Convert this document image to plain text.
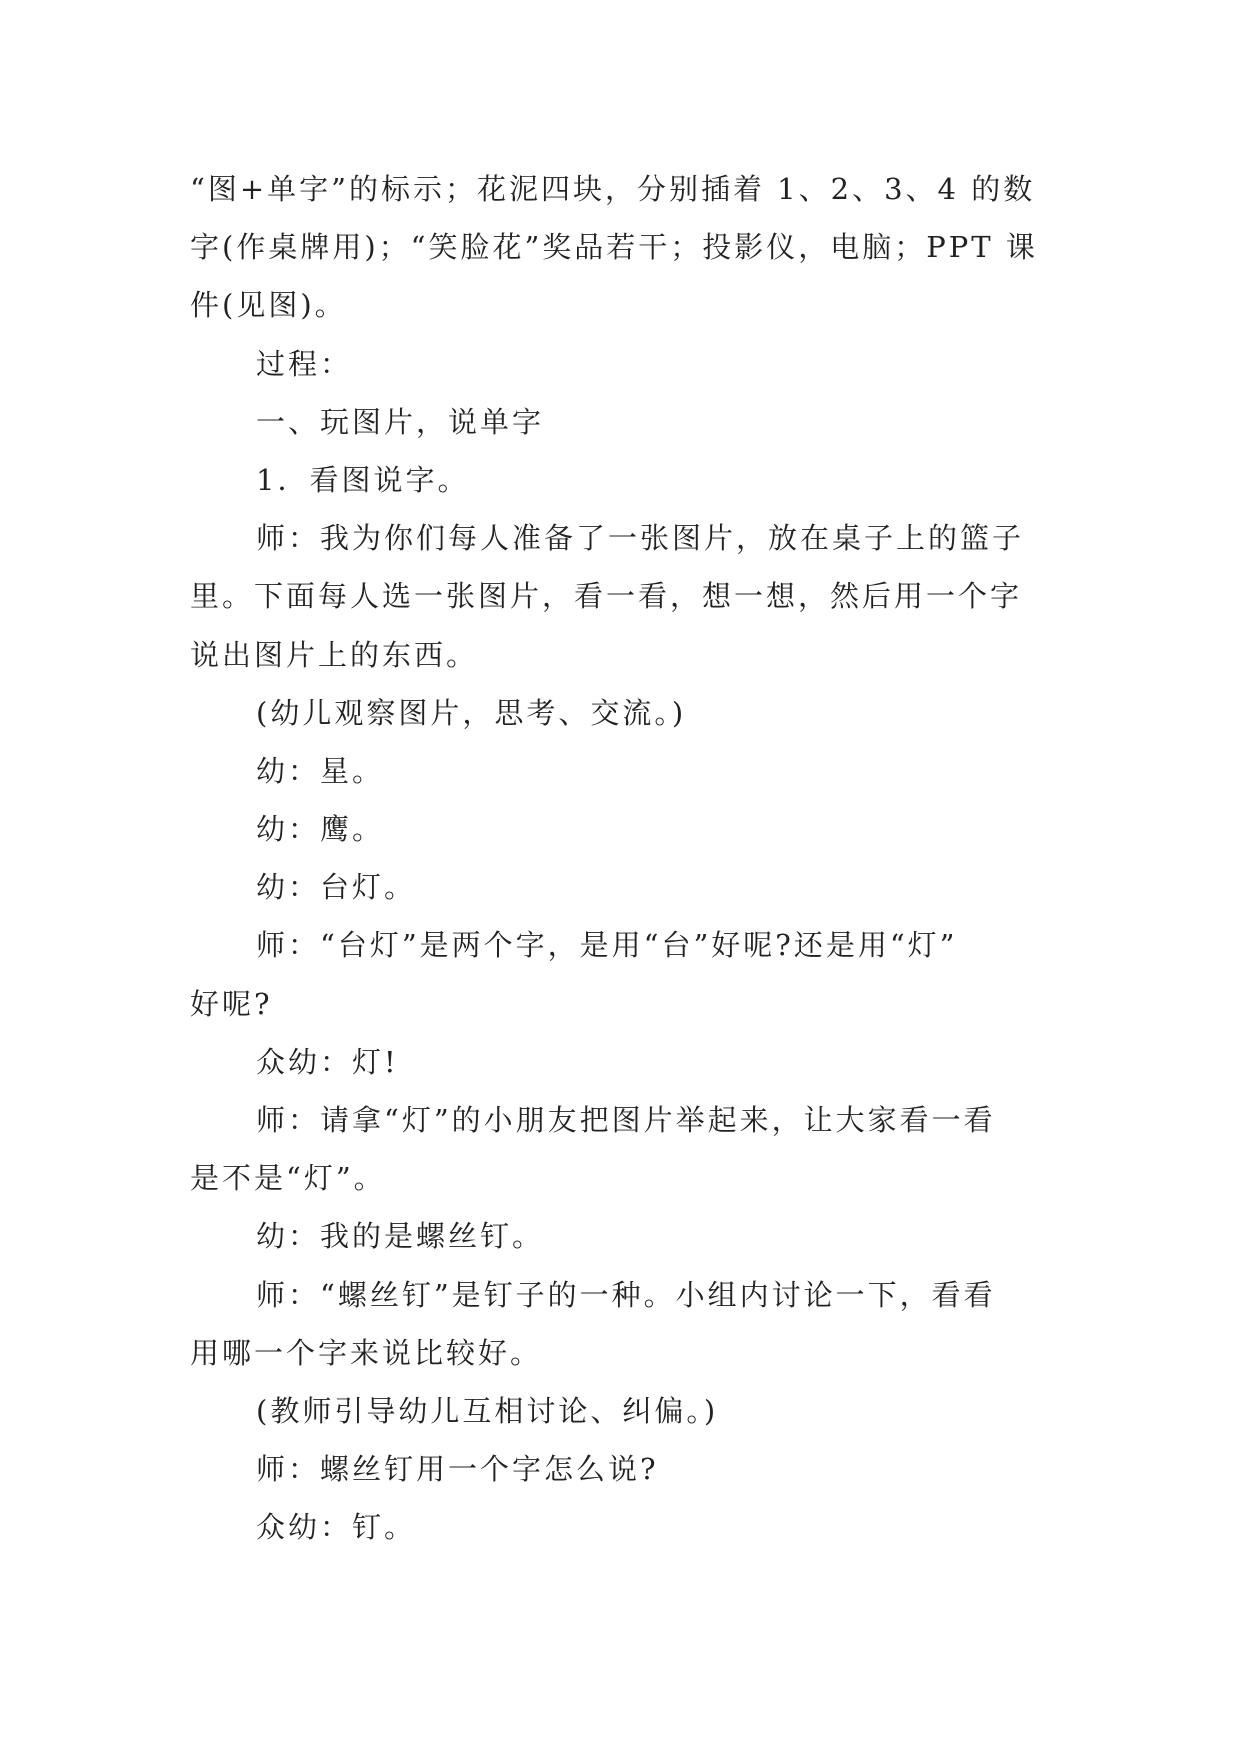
“图+单字”的标示；花泥四块，分别插着 1、2、3、4 的数
字(作桌牌用)；“笑脸花”奖品若干；投影仪，电脑；PPT 课
件(见图)。
过程：
一、玩图片，说单字
1．看图说字。
师：我为你们每人准备了一张图片，放在桌子上的篮子
里。下面每人选一张图片，看一看，想一想，然后用一个字
说出图片上的东西。
(幼儿观察图片，思考、交流。)
幼：星。
幼：鹰。
幼：台灯。
师：“台灯”是两个字，是用“台”好呢?还是用“灯”
好呢?
众幼：灯!
师：请拿“灯”的小朋友把图片举起来，让大家看一看
是不是“灯”。
幼：我的是螺丝钉。
师：“螺丝钉”是钉子的一种。小组内讨论一下，看看
用哪一个字来说比较好。
(教师引导幼儿互相讨论、纠偏。)
师：螺丝钉用一个字怎么说?
众幼：钉。
